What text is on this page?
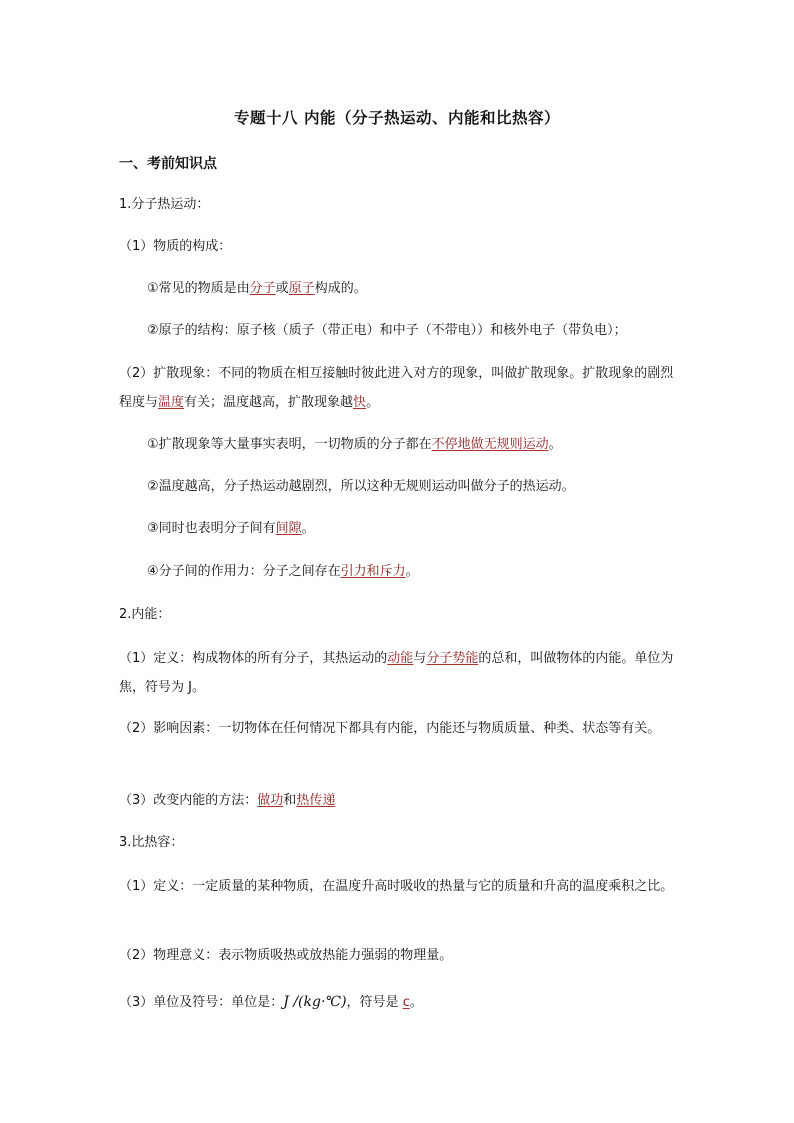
专题十八 内能（分子热运动、内能和比热容）
一、考前知识点
1.分子热运动：
（1）物质的构成：
①常见的物质是由分子或原子构成的。
②原子的结构：原子核（质子（带正电）和中子（不带电））和核外电子（带负电）；
（2）扩散现象：不同的物质在相互接触时彼此进入对方的现象，叫做扩散现象。扩散现象的剧烈程度与温度有关；温度越高，扩散现象越快。
①扩散现象等大量事实表明，一切物质的分子都在不停地做无规则运动。
②温度越高，分子热运动越剧烈，所以这种无规则运动叫做分子的热运动。
③同时也表明分子间有间隙。
④分子间的作用力：分子之间存在引力和斥力。
2.内能：
（1）定义：构成物体的所有分子，其热运动的动能与分子势能的总和，叫做物体的内能。单位为焦，符号为 J。
（2）影响因素：一切物体在任何情况下都具有内能，内能还与物质质量、种类、状态等有关。
（3）改变内能的方法：做功和热传递
3.比热容：
（1）定义：一定质量的某种物质，在温度升高时吸收的热量与它的质量和升高的温度乘积之比。
（2）物理意义：表示物质吸热或放热能力强弱的物理量。
（3）单位及符号：单位是：J /(kg·℃)，符号是 c。
